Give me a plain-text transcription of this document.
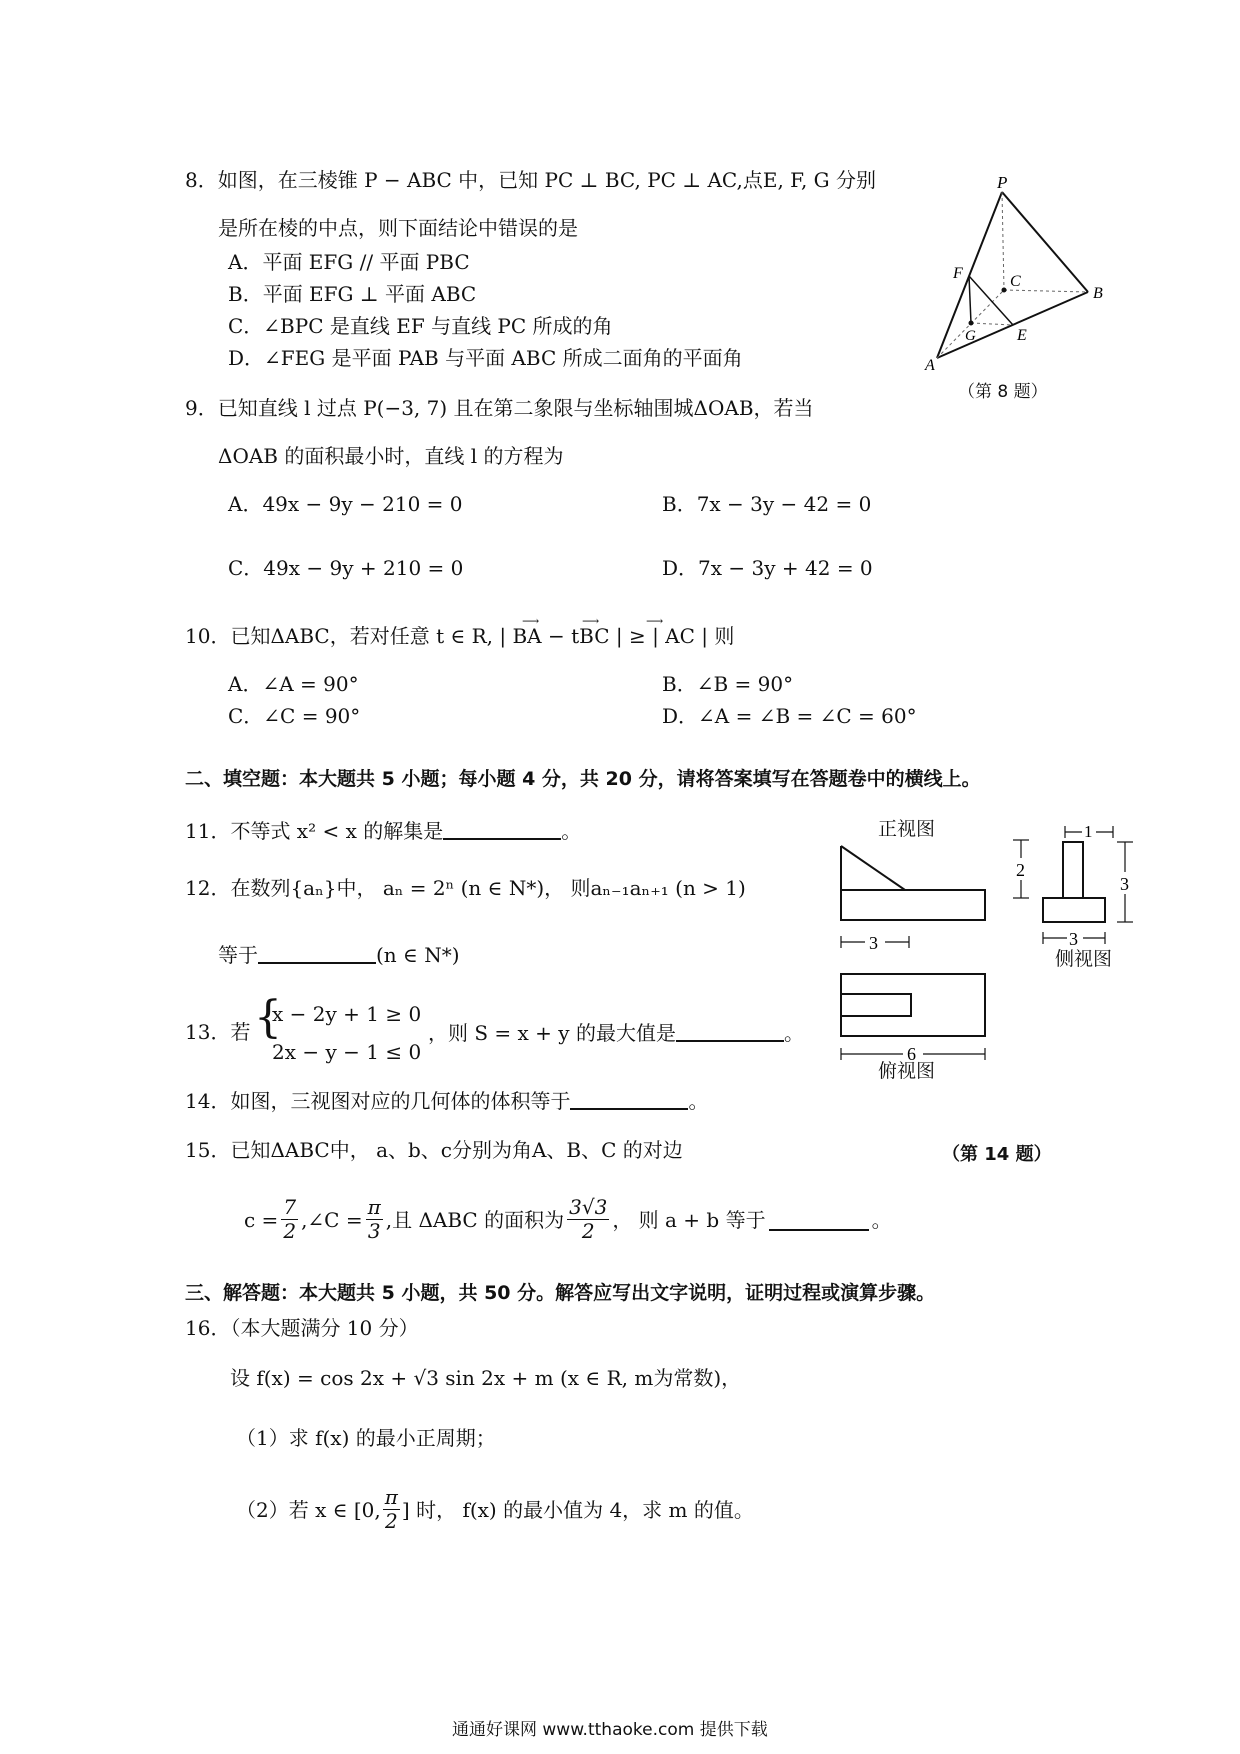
8．如图，在三棱锥 P − ABC 中，已知 PC ⊥ BC, PC ⊥ AC,点E, F, G 分别
是所在棱的中点，则下面结论中错误的是
A．平面 EFG // 平面 PBC
B．平面 EFG ⊥ 平面 ABC
C．∠BPC 是直线 EF 与直线 PC 所成的角
D．∠FEG 是平面 PAB 与平面 ABC 所成二面角的平面角
P
C
F
B
G	E
A
（第 8 题）
9．已知直线 l 过点 P(−3, 7) 且在第二象限与坐标轴围城ΔOAB，若当
ΔOAB 的面积最小时，直线 l 的方程为
A．49x − 9y − 210 = 0	B．7x − 3y − 42 = 0
C．49x − 9y + 210 = 0	D．7x − 3y + 42 = 0
10．已知ΔABC，若对任意 t ∈ R, | BA − tBC | ≥ | AC | 则
⟶	⟶	⟶
A．∠A = 90°	B．∠B = 90°
C．∠C = 90°	D．∠A = ∠B = ∠C = 60°
二、填空题：本大题共 5 小题；每小题 4 分，共 20 分，请将答案填写在答题卷中的横线上。
11．不等式 x² < x 的解集是	。
12．在数列{aₙ}中， aₙ = 2ⁿ (n ∈ N*)， 则aₙ₋₁aₙ₊₁ (n > 1)
等于	(n ∈ N*)
13．若 {
x − 2y + 1 ≥ 0
2x − y − 1 ≤ 0
，则 S = x + y 的最大值是	。
正视图
3
2
1
3
3
侧视图
6
俯视图
14．如图，三视图对应的几何体的体积等于	。
15．已知ΔABC中， a、b、c分别为角A、B、C 的对边	（第 14 题）
$c = \frac{7}{2}$ ,∠C = $\frac{\pi}{3}$ ,且 ΔABC 的面积为 $\frac{3√3}{2}$ ， 则 a + b 等于	。
三、解答题：本大题共 5 小题，共 50 分。解答应写出文字说明，证明过程或演算步骤。
16．（本大题满分 10 分）
设 f(x) = cos 2x + √3 sin 2x + m (x ∈ R, m为常数)，
（1）求 f(x) 的最小正周期；
（2）若 x ∈ [0, $\frac{\pi}{2}$ ] 时， f(x) 的最小值为 4，求 m 的值。
通通好课网 www.tthaoke.com 提供下载
